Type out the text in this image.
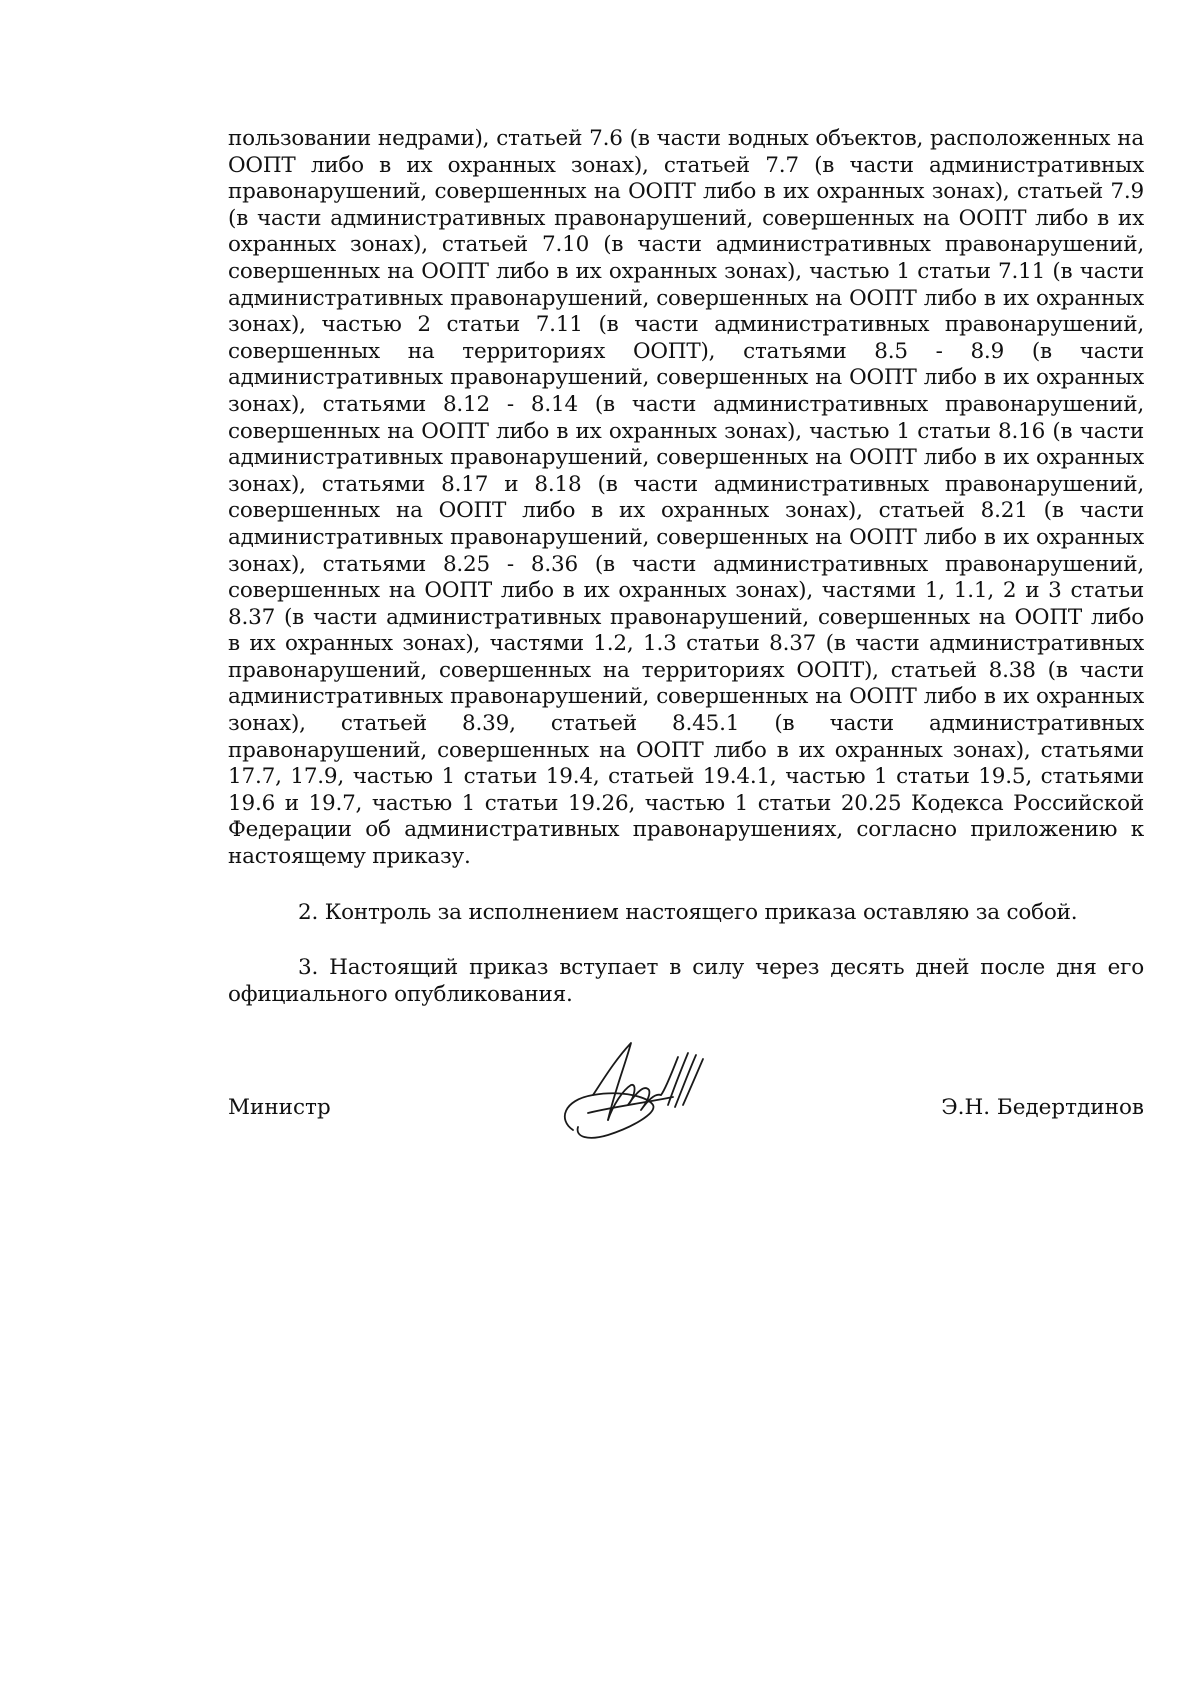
пользовании недрами), статьей 7.6 (в части водных объектов, расположенных на ООПТ либо в их охранных зонах), статьей 7.7 (в части административных правонарушений, совершенных на ООПТ либо в их охранных зонах), статьей 7.9 (в части административных правонарушений, совершенных на ООПТ либо в их охранных зонах), статьей 7.10 (в части административных правонарушений, совершенных на ООПТ либо в их охранных зонах), частью 1 статьи 7.11 (в части административных правонарушений, совершенных на ООПТ либо в их охранных зонах), частью 2 статьи 7.11 (в части административных правонарушений, совершенных на территориях ООПТ), статьями 8.5 - 8.9 (в части административных правонарушений, совершенных на ООПТ либо в их охранных зонах), статьями 8.12 - 8.14 (в части административных правонарушений, совершенных на ООПТ либо в их охранных зонах), частью 1 статьи 8.16 (в части административных правонарушений, совершенных на ООПТ либо в их охранных зонах), статьями 8.17 и 8.18 (в части административных правонарушений, совершенных на ООПТ либо в их охранных зонах), статьей 8.21 (в части административных правонарушений, совершенных на ООПТ либо в их охранных зонах), статьями 8.25 - 8.36 (в части административных правонарушений, совершенных на ООПТ либо в их охранных зонах), частями 1, 1.1, 2 и 3 статьи 8.37 (в части административных правонарушений, совершенных на ООПТ либо в их охранных зонах), частями 1.2, 1.3 статьи 8.37 (в части административных правонарушений, совершенных на территориях ООПТ), статьей 8.38 (в части административных правонарушений, совершенных на ООПТ либо в их охранных зонах), статьей 8.39, статьей 8.45.1 (в части административных правонарушений, совершенных на ООПТ либо в их охранных зонах), статьями 17.7, 17.9, частью 1 статьи 19.4, статьей 19.4.1, частью 1 статьи 19.5, статьями 19.6 и 19.7, частью 1 статьи 19.26, частью 1 статьи 20.25 Кодекса Российской Федерации об административных правонарушениях, согласно приложению к настоящему приказу.

2. Контроль за исполнением настоящего приказа оставляю за собой.

3. Настоящий приказ вступает в силу через десять дней после дня его официального опубликования.

Министр	Э.Н. Бедертдинов
